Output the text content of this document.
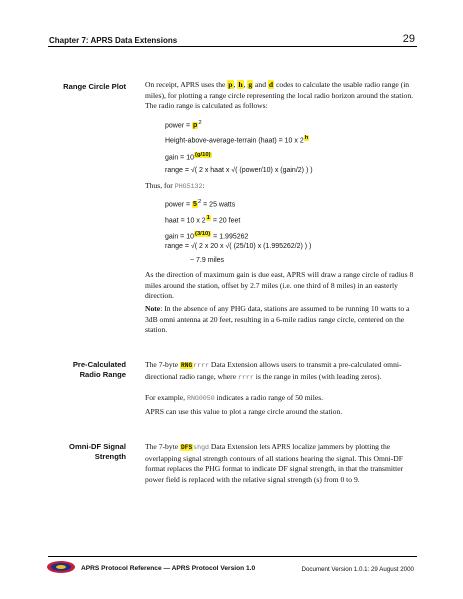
Chapter 7: APRS Data Extensions	29
Range Circle Plot	On receipt, APRS uses the p, h, g and d codes to calculate the usable radio range (in miles), for plotting a range circle representing the local radio horizon around the station. The radio range is calculated as follows:
power = $p^2$
Height-above-average-terrain (haat) = 10 x 2$^h$
gain = $10^{(g/10)}$
range = √( 2 x haat x √( (power/10) x (gain/2) ) )
Thus, for PHG5132:
power = $5^2 = 25$ watts
haat = 10 x $2^1 = 20$ feet
gain = $10^{(3/10)} = 1.995262$
range = √( 2 x 20 x √( (25/10) x (1.995262/2) ) )
~ 7.9 miles
As the direction of maximum gain is due east, APRS will draw a range circle of radius 8 miles around the station, offset by 2.7 miles (i.e. one third of 8 miles) in an easterly direction.
Note: In the absence of any PHG data, stations are assumed to be running 10 watts to a 3dB omni antenna at 20 feet, resulting in a 6-mile radius range circle, centered on the station.
Pre-Calculated
Radio Range
The 7-byte RNGrrrr Data Extension allows users to transmit a pre-calculated omni-directional radio range, where rrrr is the range in miles (with leading zeros).
For example, RNG0050 indicates a radio range of 50 miles.
APRS can use this value to plot a range circle around the station.
Omni-DF Signal
Strength
The 7-byte DFSshgd Data Extension lets APRS localize jammers by plotting the overlapping signal strength contours of all stations hearing the signal. This Omni-DF format replaces the PHG format to indicate DF signal strength, in that the transmitter power field is replaced with the relative signal strength (s) from 0 to 9.
APRS Protocol Reference — APRS Protocol Version 1.0	Document Version 1.0.1: 29 August 2000
